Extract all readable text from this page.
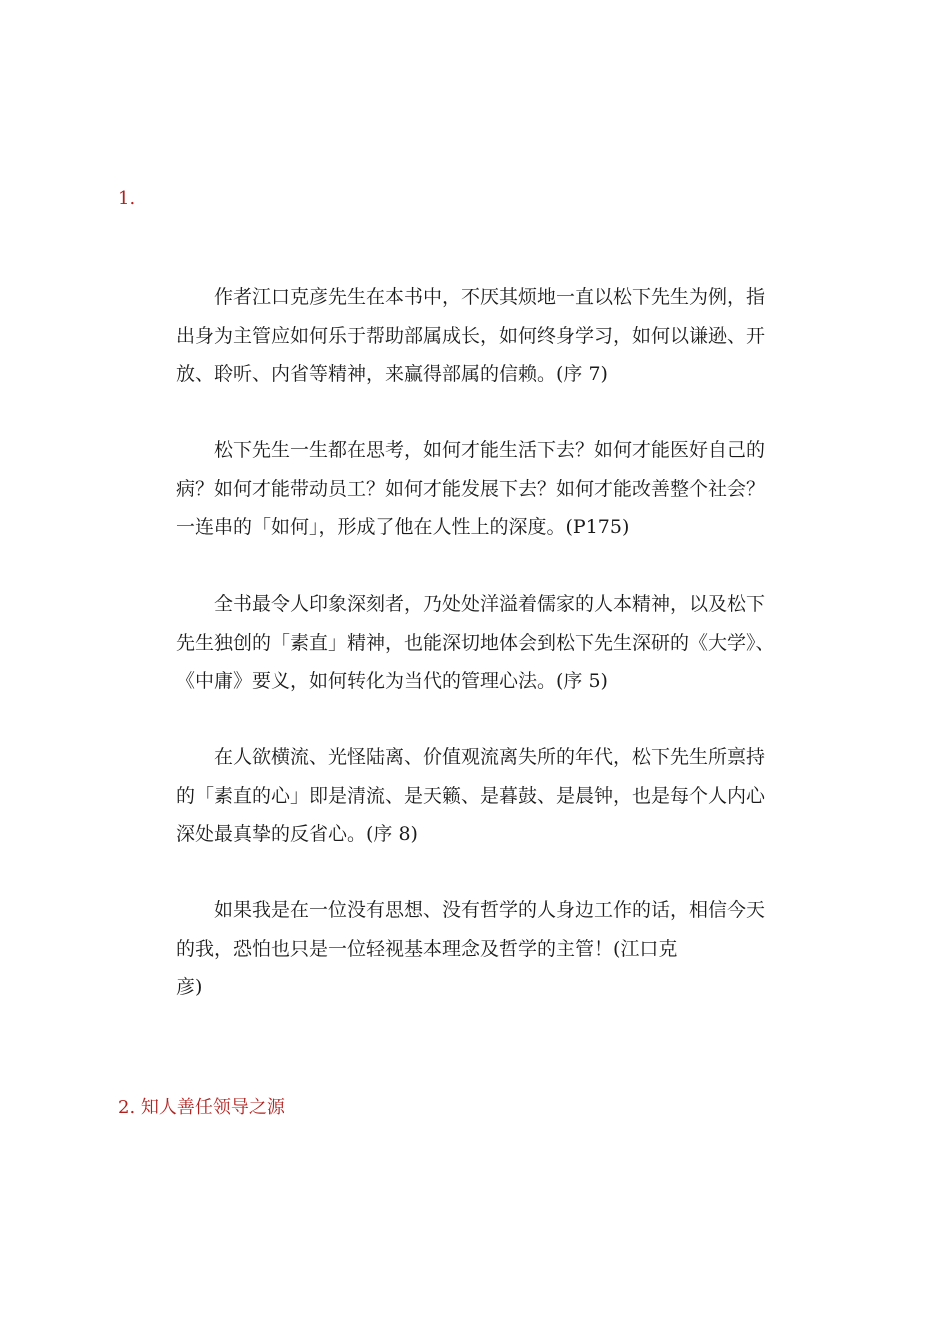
1.
作者江口克彦先生在本书中，不厌其烦地一直以松下先生为例，指
出身为主管应如何乐于帮助部属成长，如何终身学习，如何以谦逊、开
放、聆听、内省等精神，来赢得部属的信赖。(序 7)
松下先生一生都在思考，如何才能生活下去？如何才能医好自己的
病？如何才能带动员工？如何才能发展下去？如何才能改善整个社会？
一连串的「如何」，形成了他在人性上的深度。(P175)
全书最令人印象深刻者，乃处处洋溢着儒家的人本精神，以及松下
先生独创的「素直」精神，也能深切地体会到松下先生深研的《大学》、
《中庸》要义，如何转化为当代的管理心法。(序 5)
在人欲横流、光怪陆离、价值观流离失所的年代，松下先生所禀持
的「素直的心」即是清流、是天籁、是暮鼓、是晨钟，也是每个人内心
深处最真挚的反省心。(序 8)
如果我是在一位没有思想、没有哲学的人身边工作的话，相信今天
的我，恐怕也只是一位轻视基本理念及哲学的主管！(江口克
彦)
2. 知人善任领导之源
